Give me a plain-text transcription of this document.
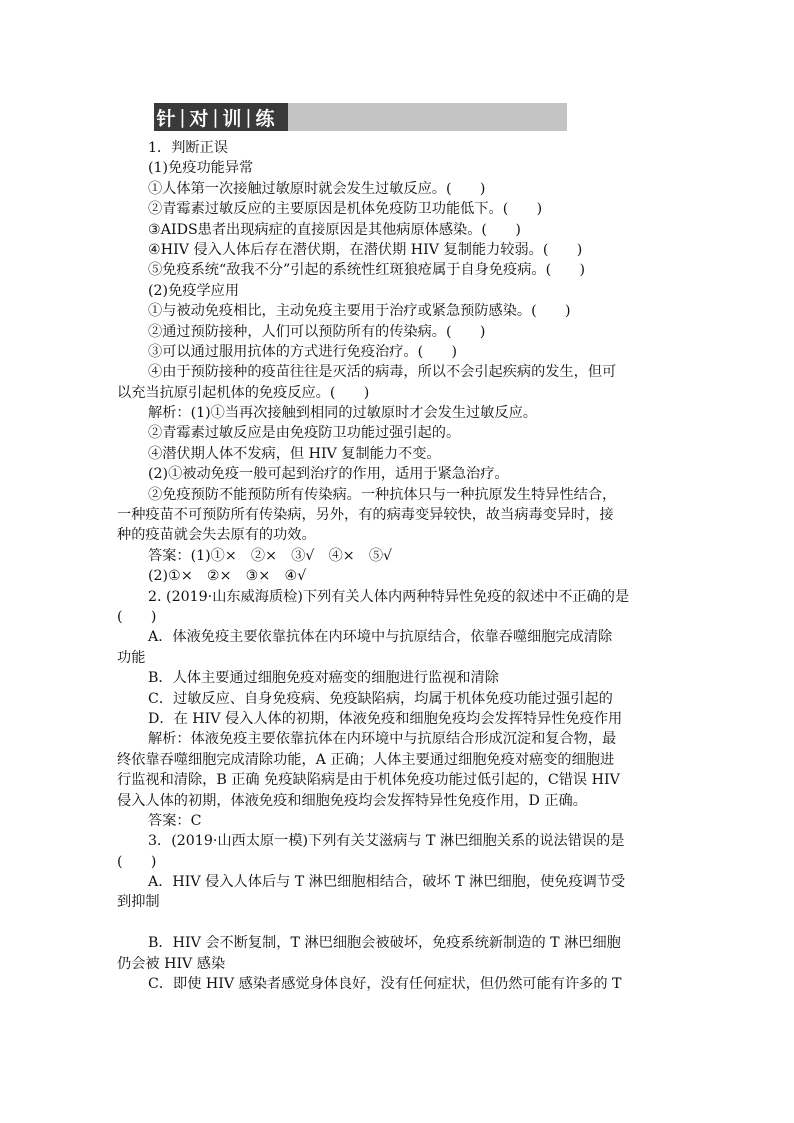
针 | 对 | 训 | 练
1．判断正误
(1)免疫功能异常
①人体第一次接触过敏原时就会发生过敏反应。(　　)
②青霉素过敏反应的主要原因是机体免疫防卫功能低下。(　　)
③AIDS患者出现病症的直接原因是其他病原体感染。(　　)
④HIV 侵入人体后存在潜伏期，在潜伏期 HIV 复制能力较弱。(　　)
⑤免疫系统“敌我不分”引起的系统性红斑狼疮属于自身免疫病。(　　)
(2)免疫学应用
①与被动免疫相比，主动免疫主要用于治疗或紧急预防感染。(　　)
②通过预防接种，人们可以预防所有的传染病。(　　)
③可以通过服用抗体的方式进行免疫治疗。(　　)
④由于预防接种的疫苗往往是灭活的病毒，所以不会引起疾病的发生，但可
以充当抗原引起机体的免疫反应。(　　)
解析：(1)①当再次接触到相同的过敏原时才会发生过敏反应。
②青霉素过敏反应是由免疫防卫功能过强引起的。
④潜伏期人体不发病，但 HIV 复制能力不变。
(2)①被动免疫一般可起到治疗的作用，适用于紧急治疗。
②免疫预防不能预防所有传染病。一种抗体只与一种抗原发生特异性结合，
一种疫苗不可预防所有传染病，另外，有的病毒变异较快，故当病毒变异时，接
种的疫苗就会失去原有的功效。
答案：(1)①×　②×　③√　④×　⑤√
(2)①×　②×　③×　④√
2. (2019·山东威海质检)下列有关人体内两种特异性免疫的叙述中不正确的是
(　　)
A．体液免疫主要依靠抗体在内环境中与抗原结合，依靠吞噬细胞完成清除
功能
B．人体主要通过细胞免疫对癌变的细胞进行监视和清除
C．过敏反应、自身免疫病、免疫缺陷病，均属于机体免疫功能过强引起的
D．在 HIV 侵入人体的初期，体液免疫和细胞免疫均会发挥特异性免疫作用
解析：体液免疫主要依靠抗体在内环境中与抗原结合形成沉淀和复合物，最
终依靠吞噬细胞完成清除功能，A 正确；人体主要通过细胞免疫对癌变的细胞进
行监视和清除，B 正确 免疫缺陷病是由于机体免疫功能过低引起的，C错误 HIV
侵入人体的初期，体液免疫和细胞免疫均会发挥特异性免疫作用，D 正确。
答案：C
3．(2019·山西太原一模)下列有关艾滋病与 T 淋巴细胞关系的说法错误的是
(　　)
A．HIV 侵入人体后与 T 淋巴细胞相结合，破坏 T 淋巴细胞，使免疫调节受
到抑制
B．HIV 会不断复制，T 淋巴细胞会被破坏，免疫系统新制造的 T 淋巴细胞
仍会被 HIV 感染
C．即使 HIV 感染者感觉身体良好，没有任何症状，但仍然可能有许多的 T
